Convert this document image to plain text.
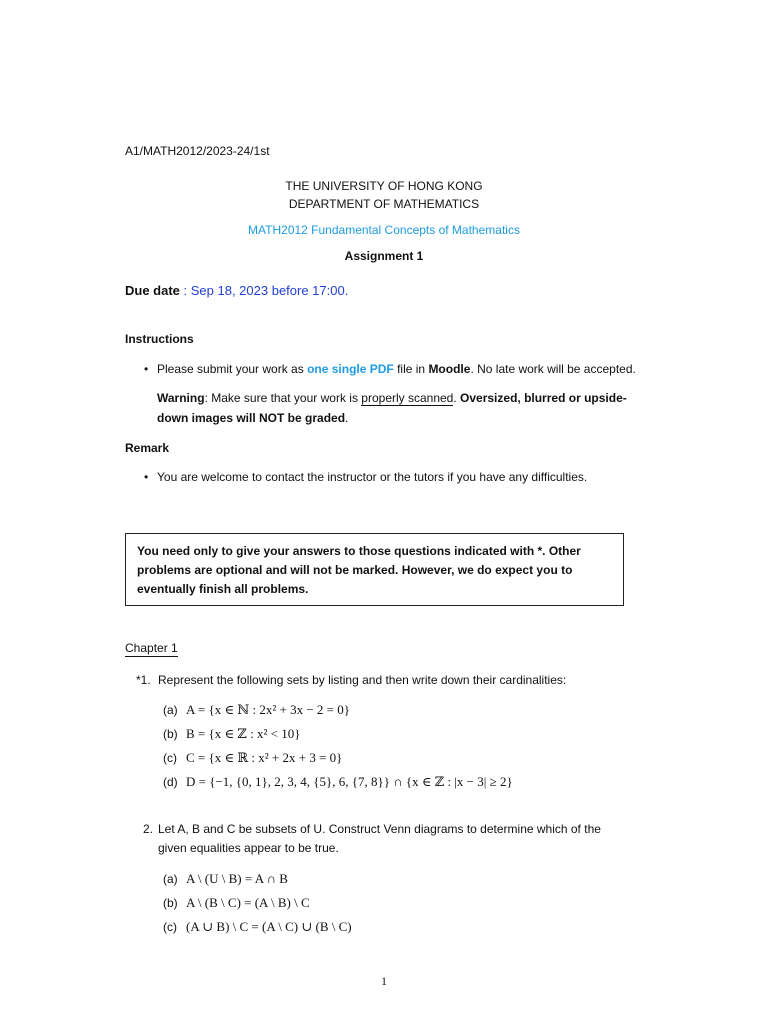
A1/MATH2012/2023-24/1st
THE UNIVERSITY OF HONG KONG
DEPARTMENT OF MATHEMATICS
MATH2012 Fundamental Concepts of Mathematics
Assignment 1
Due date : Sep 18, 2023 before 17:00.
Instructions
• Please submit your work as one single PDF file in Moodle. No late work will be accepted.
Warning: Make sure that your work is properly scanned. Oversized, blurred or upside-
down images will NOT be graded.
Remark
• You are welcome to contact the instructor or the tutors if you have any difficulties.
You need only to give your answers to those questions indicated with *. Other problems are optional and will not be marked. However, we do expect you to eventually finish all problems.
Chapter 1
*1. Represent the following sets by listing and then write down their cardinalities:
(a) A = {x ∈ ℕ : 2x² + 3x − 2 = 0}
(b) B = {x ∈ ℤ : x² < 10}
(c) C = {x ∈ ℝ : x² + 2x + 3 = 0}
(d) D = {−1, {0, 1}, 2, 3, 4, {5}, 6, {7, 8}} ∩ {x ∈ ℤ : |x − 3| ≥ 2}
2. Let A, B and C be subsets of U. Construct Venn diagrams to determine which of the
given equalities appear to be true.
(a) A \ (U \ B) = A ∩ B
(b) A \ (B \ C) = (A \ B) \ C
(c) (A ∪ B) \ C = (A \ C) ∪ (B \ C)
1
